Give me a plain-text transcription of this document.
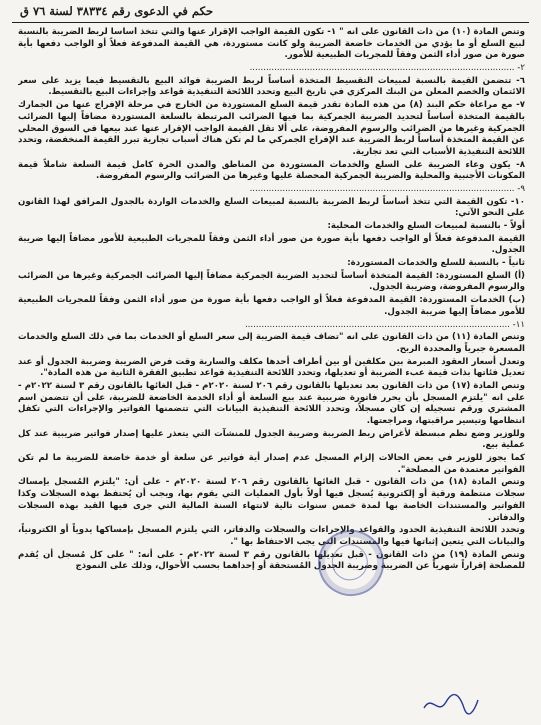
حكم في الدعوى رقم ٣٨٣٣٤ لسنة ٧٦ ق

وتنص المادة (١٠) من ذات القانون على انه " ١- تكون القيمة الواجب الإقرار عنها والتي تتخذ أساساً لربط الضريبة بالنسبة لبيع السلع أو ما يؤدي من الخدمات خاضعة الضريبة ولو كانت مستوردة، هي القيمة المدفوعة فعلاً أو الواجب دفعها بأية صورة من صور أداء الثمن وفقاً للمجريات الطبيعية للأمور.

٢- .................................................................................................

٦- تتضمن القيمة بالنسبة لمبيعات التقسيط المتخذة أساساً لربط الضريبة فوائد البيع بالتقسيط فيما يزيد على سعر الائتمان والخصم المعلن من البنك المركزي في تاريخ البيع وتحدد اللائحة التنفيذية قواعد وإجراءات البيع بالتقسيط.

٧- مع مراعاة حكم البند (٨) من هذه المادة تقدر قيمة السلع المستوردة من الخارج في مرحلة الإفراج عنها من الجمارك بالقيمة المتخذة أساساً لتحديد الضريبة الجمركية بما فيها الضرائب المرتبطة بالسلعة المستوردة مضافاً إليها الضرائب الجمركية وغيرها من الضرائب والرسوم المفروضة، على ألا تقل القيمة الواجب الإقرار عنها عند بيعها في السوق المحلي عن القيمة المتخذة أساساً لربط الضريبة عند الإفراج الجمركي ما لم تكن هناك أسباب تجارية تبرر القيمة المنخفضة، وتحدد اللائحة التنفيذية الأسباب التي تعد تجارية.

٨- يكون وعاء الضريبة على السلع والخدمات المستوردة من المناطق والمدن الحرة كامل قيمة السلعة شاملاً قيمة المكونات الأجنبية والمحلية والضريبة الجمركية المحصلة عليها وغيرها من الضرائب والرسوم المفروضة.

٩- .................................................................................................

١٠- تكون القيمة التي تتخذ أساساً لربط الضريبة بالنسبة لمبيعات السلع والخدمات الواردة بالجدول المرافق لهذا القانون على النحو الآتي:

أولاً - بالنسبة لمبيعات السلع والخدمات المحلية:

القيمة المدفوعة فعلاً أو الواجب دفعها بأية صورة من صور أداء الثمن وفقاً للمجريات الطبيعية للأمور مضافاً إليها ضريبة الجدول.

ثانياً - بالنسبة للسلع والخدمات المستوردة:

(أ) السلع المستوردة: القيمة المتخذة أساساً لتحديد الضريبة الجمركية مضافاً إليها الضرائب الجمركية وغيرها من الضرائب والرسوم المفروضة، وضريبة الجدول.

(ب) الخدمات المستوردة: القيمة المدفوعة فعلاً أو الواجب دفعها بأية صورة من صور أداء الثمن وفقاً للمجريات الطبيعية للأمور مضافاً إليها ضريبة الجدول.

١١- .................................................................................................

وتنص المادة (١١) من ذات القانون على انه "تضاف قيمة الضريبة إلى سعر السلع أو الخدمات بما في ذلك السلع والخدمات المسعرة جبرياً والمحددة الربح.

وتعدل أسعار العقود المبرمة بين مكلفين أو بين أطراف أحدها مكلف والسارية وقت فرض الضريبة وضريبة الجدول أو عند تعديل فئاتها بذات قيمة عبء الضريبة أو تعديلها، وتحدد اللائحة التنفيذية قواعد تطبيق الفقرة الثانية من هذه المادة".

وتنص المادة (١٧) من ذات القانون بعد تعديلها بالقانون رقم ٢٠٦ لسنة ٢٠٢٠م - قبل الغائها بالقانون رقم ٣ لسنة ٢٠٢٢م - على انه "يلتزم المسجل بأن يحرر فاتورة ضريبية عند بيع السلعة أو أداء الخدمة الخاضعة للضريبة، على أن تتضمن اسم المشتري ورقم تسجيله إن كان مسجلاً، وتحدد اللائحة التنفيذية البيانات التي تتضمنها الفواتير والإجراءات التي تكفل انتظامها وتيسير مراقبتها، ومراجعتها.

وللوزير وضع نظم مبسطة لأغراض ربط الضريبة وضريبة الجدول للمنشآت التي يتعذر عليها إصدار فواتير ضريبية عند كل عملية بيع.

كما يجوز للوزير في بعض الحالات إلزام المسجل عدم إصدار أية فواتير عن سلعة أو خدمة خاضعة للضريبة ما لم تكن الفواتير معتمدة من المصلحة".

وتنص المادة (١٨) من ذات القانون - قبل الغائها بالقانون رقم ٢٠٦ لسنة ٢٠٢٠م - على أن: "يلتزم المُسجل بإمساك سجلات منتظمة ورقية أو إلكترونية يُسجل فيها أولاً بأول العمليات التي يقوم بها، ويجب أن يُحتفظ بهذه السجلات وكذا الفواتير والمستندات الخاصة بها لمدة خمس سنوات تالية لانتهاء السنة المالية التي جرى فيها القيد بهذه السجلات والدفاتر.

وتحدد اللائحة التنفيذية الحدود والقواعد والإجراءات والسجلات والدفاتر، التي يلتزم المسجل بإمساكها يدوياً أو الكترونياً، والبيانات التي يتعين إثباتها فيها والمستندات التي يجب الاحتفاظ بها ".

وتنص المادة (١٩) من ذات القانون - قبل تعديلها بالقانون رقم ٣ لسنة ٢٠٢٢م - على أنه: " على كل مُسجل أن يُقدم للمصلحة إقراراً شهرياً عن الضريبة وضريبة الجدول المُستحقة أو إحداهما بحسب الأحوال، وذلك على النموذج
